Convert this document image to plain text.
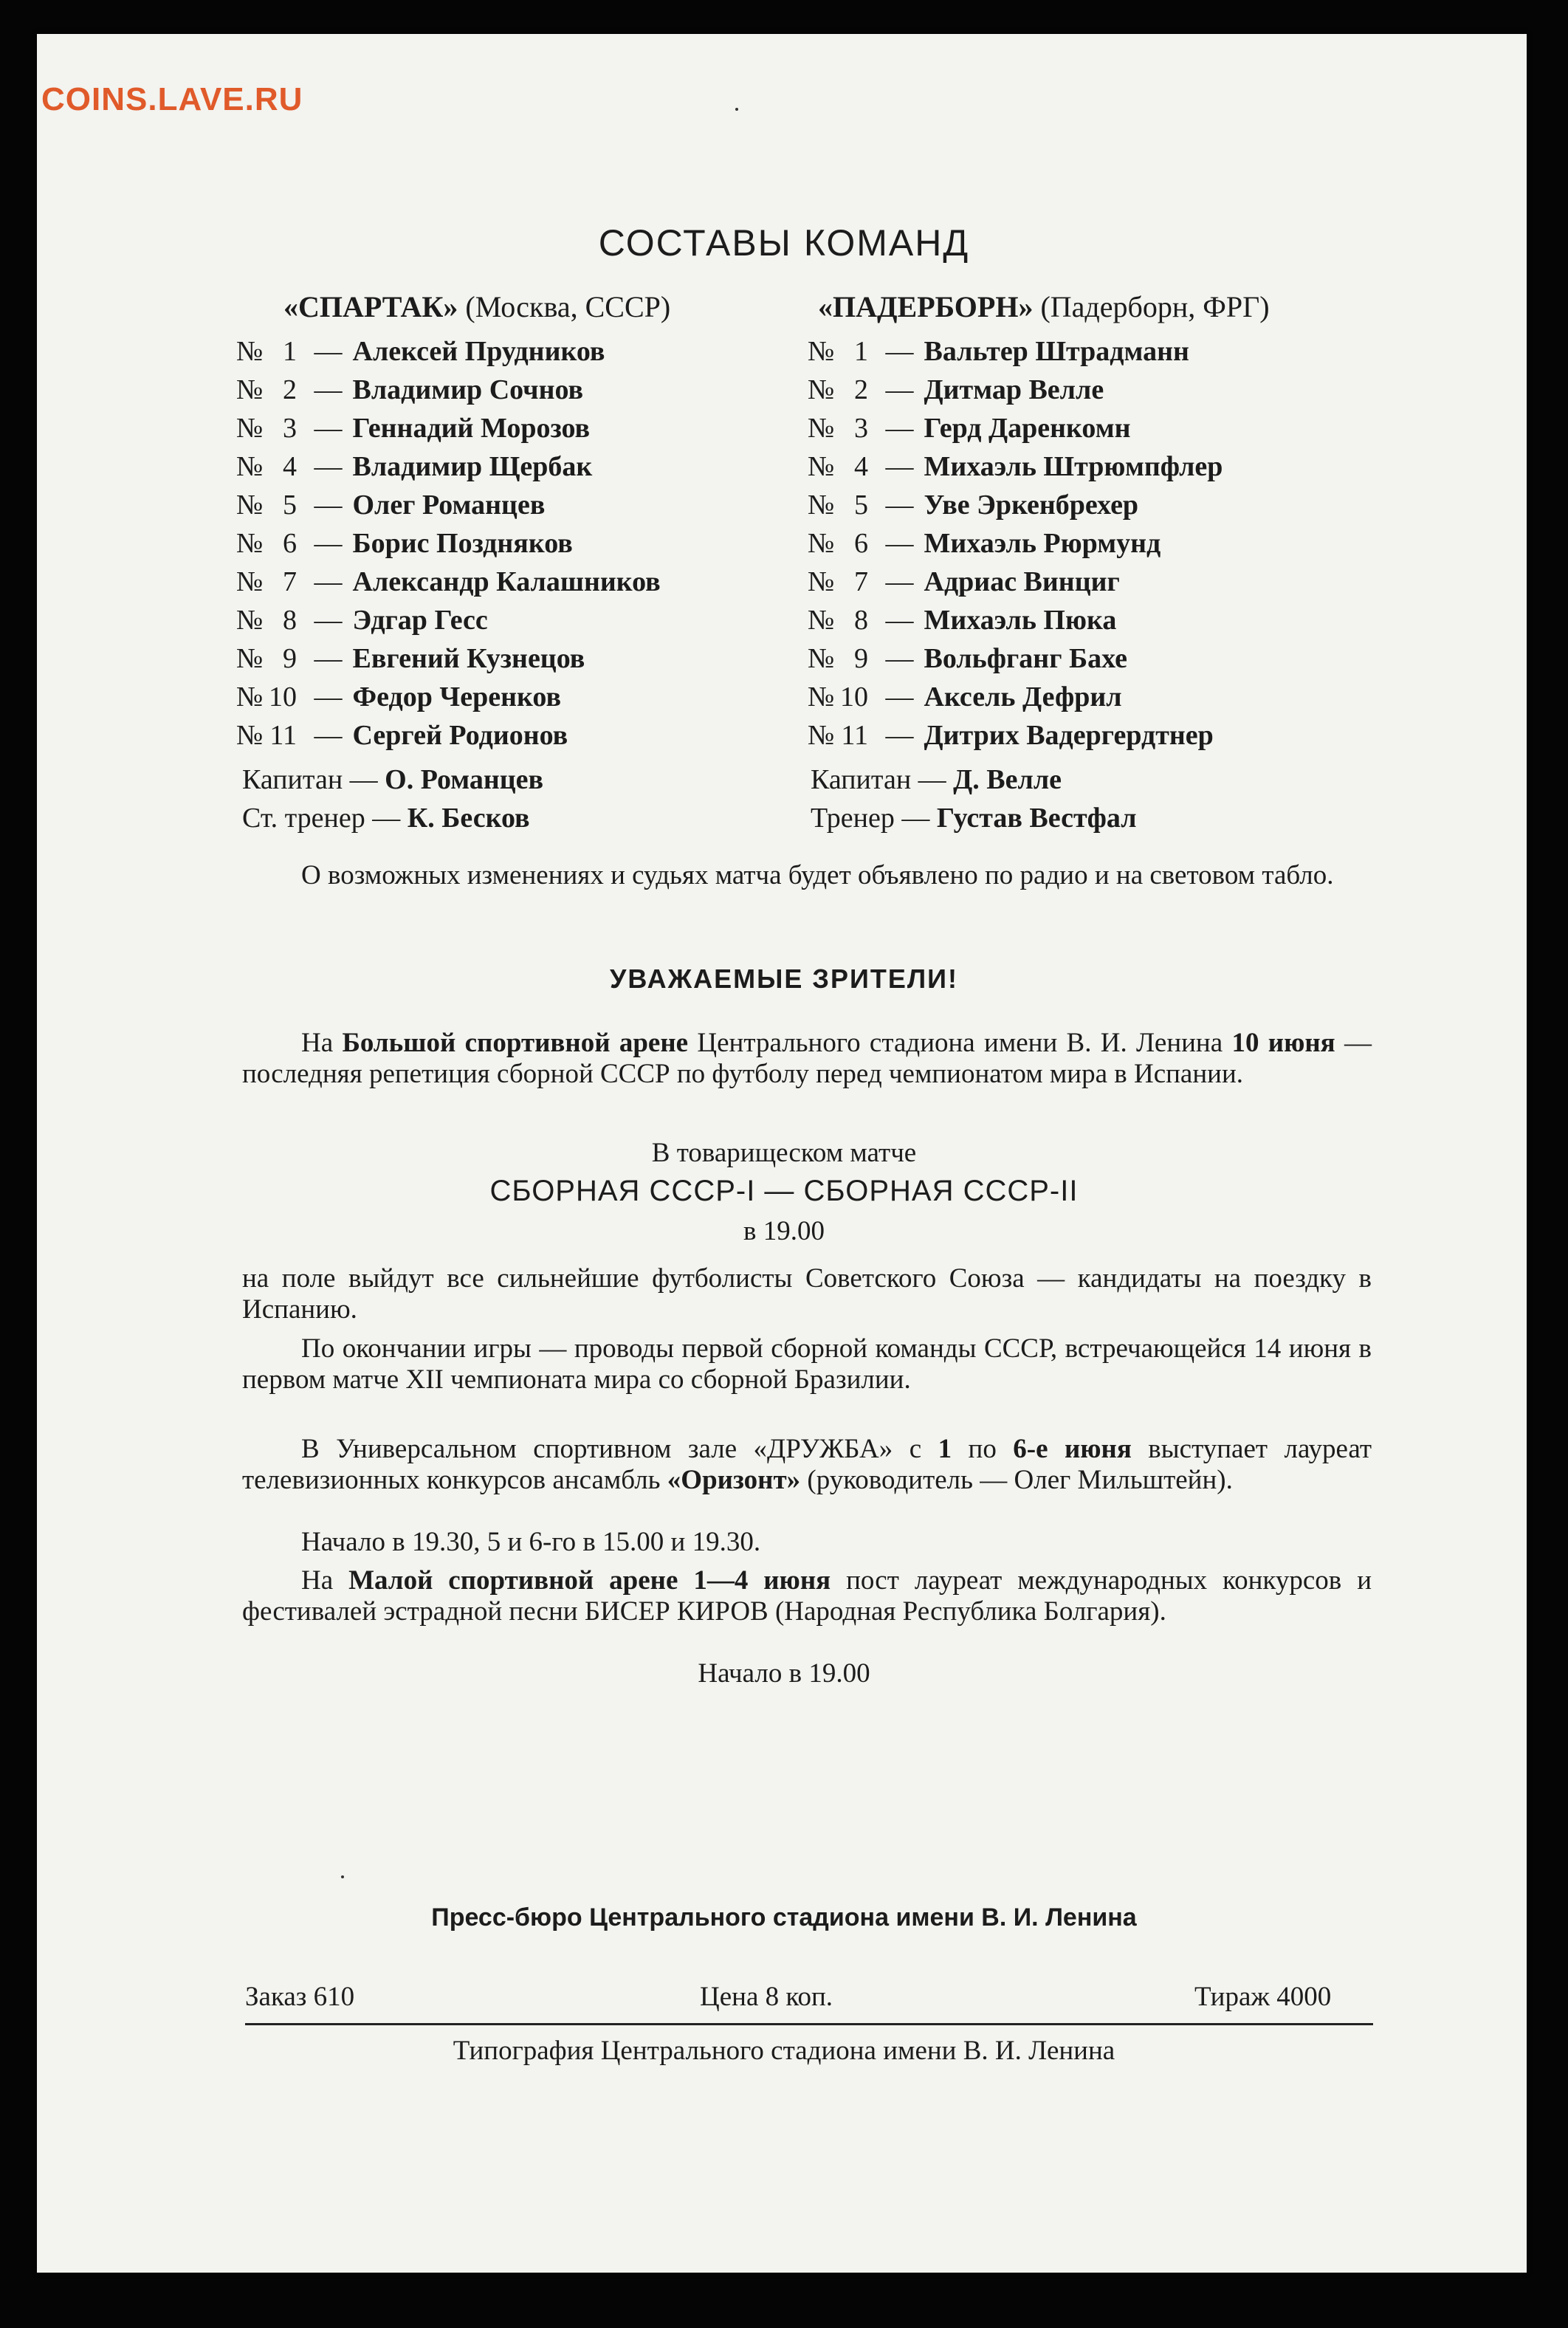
COINS.LAVE.RU
СОСТАВЫ КОМАНД
«СПАРТАК» (Москва, СССР)	«ПАДЕРБОРН» (Падерборн, ФРГ)
№ 1 — Алексей Прудников
№ 2 — Владимир Сочнов
№ 3 — Геннадий Морозов
№ 4 — Владимир Щербак
№ 5 — Олег Романцев
№ 6 — Борис Поздняков
№ 7 — Александр Калашников
№ 8 — Эдгар Гесс
№ 9 — Евгений Кузнецов
№ 10 — Федор Черенков
№ 11 — Сергей Родионов
№ 1 — Вальтер Штрадманн
№ 2 — Дитмар Велле
№ 3 — Герд Даренкомн
№ 4 — Михаэль Штрюмпфлер
№ 5 — Уве Эркенбрехер
№ 6 — Михаэль Рюрмунд
№ 7 — Адриас Винциг
№ 8 — Михаэль Пюка
№ 9 — Вольфганг Бахе
№ 10 — Аксель Дефрил
№ 11 — Дитрих Вадергердтнер
Капитан — О. Романцев
Ст. тренер — К. Бесков
Капитан — Д. Велле
Тренер — Густав Вестфал
О возможных изменениях и судьях матча будет объявлено по радио и на световом табло.
УВАЖАЕМЫЕ ЗРИТЕЛИ!
На Большой спортивной арене Центрального стадиона имени В. И. Ленина 10 июня — последняя репетиция сборной СССР по футболу перед чемпионатом мира в Испании.
В товарищеском матче
СБОРНАЯ СССР-I — СБОРНАЯ СССР-II
в 19.00
на поле выйдут все сильнейшие футболисты Советского Союза — кандидаты на поездку в Испанию.
По окончании игры — проводы первой сборной команды СССР, встречающейся 14 июня в первом матче XII чемпионата мира со сборной Бразилии.
В Универсальном спортивном зале «ДРУЖБА» с 1 по 6-е июня выступает лауреат телевизионных конкурсов ансамбль «Оризонт» (руководитель — Олег Мильштейн).
Начало в 19.30, 5 и 6-го в 15.00 и 19.30.
На Малой спортивной арене 1—4 июня пост лауреат международных конкурсов и фестивалей эстрадной песни БИСЕР КИРОВ (Народная Республика Болгария).
Начало в 19.00
Пресс-бюро Центрального стадиона имени В. И. Ленина
Заказ 610	Цена 8 коп.	Тираж 4000
Типография Центрального стадиона имени В. И. Ленина
